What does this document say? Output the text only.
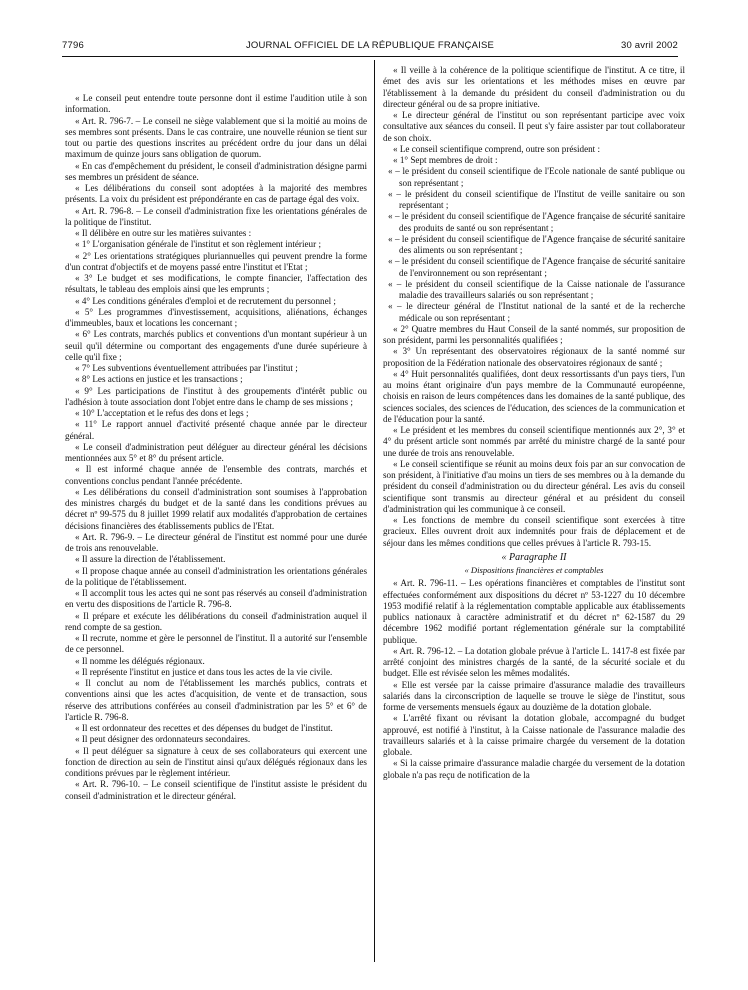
7796	JOURNAL OFFICIEL DE LA RÉPUBLIQUE FRANÇAISE	30 avril 2002

« Le conseil peut entendre toute personne dont il estime l'audition utile à son information.

« Art. R. 796-7. – Le conseil ne siège valablement que si la moitié au moins de ses membres sont présents. Dans le cas contraire, une nouvelle réunion se tient sur tout ou partie des questions inscrites au précédent ordre du jour dans un délai maximum de quinze jours sans obligation de quorum.

« En cas d'empêchement du président, le conseil d'administration désigne parmi ses membres un président de séance.

« Les délibérations du conseil sont adoptées à la majorité des membres présents. La voix du président est prépondérante en cas de partage égal des voix.

« Art. R. 796-8. – Le conseil d'administration fixe les orientations générales de la politique de l'institut.

« Il délibère en outre sur les matières suivantes :

« 1° L'organisation générale de l'institut et son règlement intérieur ;

« 2° Les orientations stratégiques pluriannuelles qui peuvent prendre la forme d'un contrat d'objectifs et de moyens passé entre l'institut et l'Etat ;

« 3° Le budget et ses modifications, le compte financier, l'affectation des résultats, le tableau des emplois ainsi que les emprunts ;

« 4° Les conditions générales d'emploi et de recrutement du personnel ;

« 5° Les programmes d'investissement, acquisitions, aliénations, échanges d'immeubles, baux et locations les concernant ;

« 6° Les contrats, marchés publics et conventions d'un montant supérieur à un seuil qu'il détermine ou comportant des engagements d'une durée supérieure à celle qu'il fixe ;

« 7° Les subventions éventuellement attribuées par l'institut ;

« 8° Les actions en justice et les transactions ;

« 9° Les participations de l'institut à des groupements d'intérêt public ou l'adhésion à toute association dont l'objet entre dans le champ de ses missions ;

« 10° L'acceptation et le refus des dons et legs ;

« 11° Le rapport annuel d'activité présenté chaque année par le directeur général.

« Le conseil d'administration peut déléguer au directeur général les décisions mentionnées aux 5° et 8° du présent article.

« Il est informé chaque année de l'ensemble des contrats, marchés et conventions conclus pendant l'année précédente.

« Les délibérations du conseil d'administration sont soumises à l'approbation des ministres chargés du budget et de la santé dans les conditions prévues au décret nº 99-575 du 8 juillet 1999 relatif aux modalités d'approbation de certaines décisions financières des établissements publics de l'Etat.

« Art. R. 796-9. – Le directeur général de l'institut est nommé pour une durée de trois ans renouvelable.

« Il assure la direction de l'établissement.

« Il propose chaque année au conseil d'administration les orientations générales de la politique de l'établissement.

« Il accomplit tous les actes qui ne sont pas réservés au conseil d'administration en vertu des dispositions de l'article R. 796-8.

« Il prépare et exécute les délibérations du conseil d'administration auquel il rend compte de sa gestion.

« Il recrute, nomme et gère le personnel de l'institut. Il a autorité sur l'ensemble de ce personnel.

« Il nomme les délégués régionaux.

« Il représente l'institut en justice et dans tous les actes de la vie civile.

« Il conclut au nom de l'établissement les marchés publics, contrats et conventions ainsi que les actes d'acquisition, de vente et de transaction, sous réserve des attributions conférées au conseil d'administration par les 5° et 6° de l'article R. 796-8.

« Il est ordonnateur des recettes et des dépenses du budget de l'institut.

« Il peut désigner des ordonnateurs secondaires.

« Il peut déléguer sa signature à ceux de ses collaborateurs qui exercent une fonction de direction au sein de l'institut ainsi qu'aux délégués régionaux dans les conditions prévues par le règlement intérieur.

« Art. R. 796-10. – Le conseil scientifique de l'institut assiste le président du conseil d'administration et le directeur général.

« Il veille à la cohérence de la politique scientifique de l'institut. A ce titre, il émet des avis sur les orientations et les méthodes mises en œuvre par l'établissement à la demande du président du conseil d'administration ou du directeur général ou de sa propre initiative.

« Le directeur général de l'institut ou son représentant participe avec voix consultative aux séances du conseil. Il peut s'y faire assister par tout collaborateur de son choix.

« Le conseil scientifique comprend, outre son président :

« 1° Sept membres de droit :

« – le président du conseil scientifique de l'Ecole nationale de santé publique ou son représentant ;

« – le président du conseil scientifique de l'Institut de veille sanitaire ou son représentant ;

« – le président du conseil scientifique de l'Agence française de sécurité sanitaire des produits de santé ou son représentant ;

« – le président du conseil scientifique de l'Agence française de sécurité sanitaire des aliments ou son représentant ;

« – le président du conseil scientifique de l'Agence française de sécurité sanitaire de l'environnement ou son représentant ;

« – le président du conseil scientifique de la Caisse nationale de l'assurance maladie des travailleurs salariés ou son représentant ;

« – le directeur général de l'Institut national de la santé et de la recherche médicale ou son représentant ;

« 2° Quatre membres du Haut Conseil de la santé nommés, sur proposition de son président, parmi les personnalités qualifiées ;

« 3° Un représentant des observatoires régionaux de la santé nommé sur proposition de la Fédération nationale des observatoires régionaux de santé ;

« 4° Huit personnalités qualifiées, dont deux ressortissants d'un pays tiers, l'un au moins étant originaire d'un pays membre de la Communauté européenne, choisis en raison de leurs compétences dans les domaines de la santé publique, des sciences sociales, des sciences de l'éducation, des sciences de la communication et de l'éducation pour la santé.

« Le président et les membres du conseil scientifique mentionnés aux 2°, 3° et 4° du présent article sont nommés par arrêté du ministre chargé de la santé pour une durée de trois ans renouvelable.

« Le conseil scientifique se réunit au moins deux fois par an sur convocation de son président, à l'initiative d'au moins un tiers de ses membres ou à la demande du président du conseil d'administration ou du directeur général. Les avis du conseil scientifique sont transmis au directeur général et au président du conseil d'administration qui les communique à ce conseil.

« Les fonctions de membre du conseil scientifique sont exercées à titre gracieux. Elles ouvrent droit aux indemnités pour frais de déplacement et de séjour dans les mêmes conditions que celles prévues à l'article R. 793-15.

« Paragraphe II

« Dispositions financières et comptables

« Art. R. 796-11. – Les opérations financières et comptables de l'institut sont effectuées conformément aux dispositions du décret nº 53-1227 du 10 décembre 1953 modifié relatif à la réglementation comptable applicable aux établissements publics nationaux à caractère administratif et du décret nº 62-1587 du 29 décembre 1962 modifié portant réglementation générale sur la comptabilité publique.

« Art. R. 796-12. – La dotation globale prévue à l'article L. 1417-8 est fixée par arrêté conjoint des ministres chargés de la santé, de la sécurité sociale et du budget. Elle est révisée selon les mêmes modalités.

« Elle est versée par la caisse primaire d'assurance maladie des travailleurs salariés dans la circonscription de laquelle se trouve le siège de l'institut, sous forme de versements mensuels égaux au douzième de la dotation globale.

« L'arrêté fixant ou révisant la dotation globale, accompagné du budget approuvé, est notifié à l'institut, à la Caisse nationale de l'assurance maladie des travailleurs salariés et à la caisse primaire chargée du versement de la dotation globale.

« Si la caisse primaire d'assurance maladie chargée du versement de la dotation globale n'a pas reçu de notification de la
